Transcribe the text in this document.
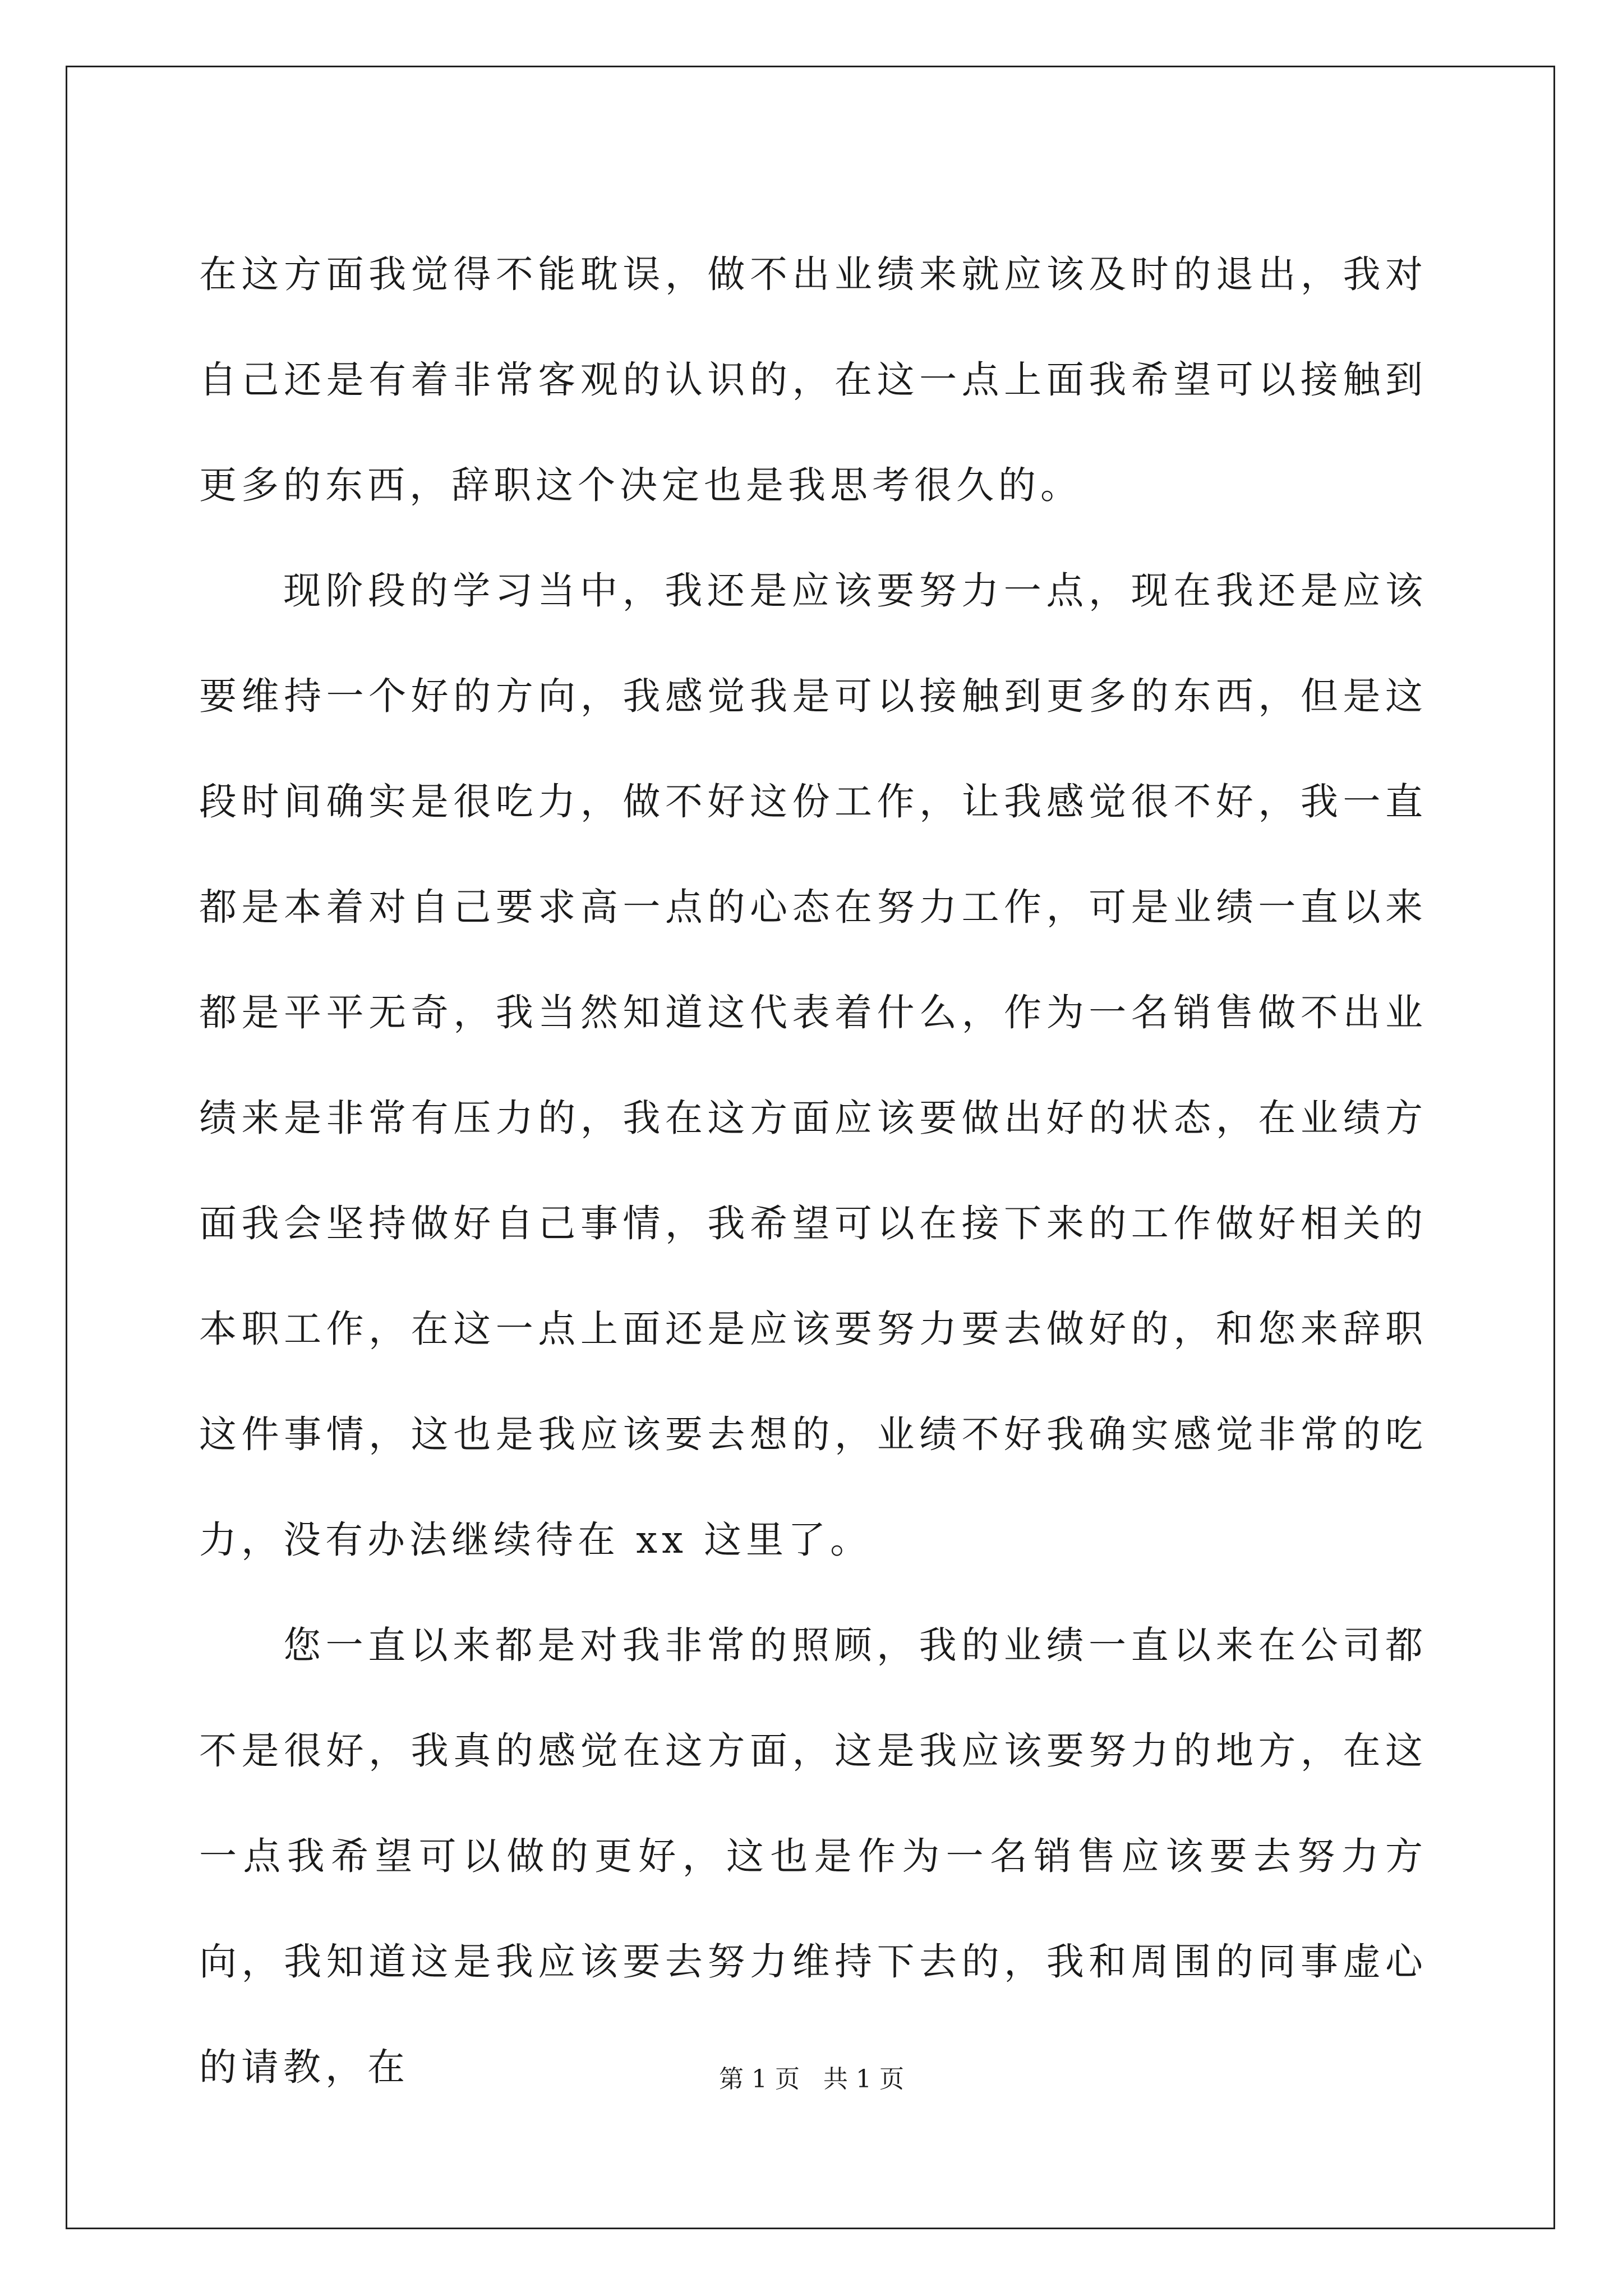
在这方面我觉得不能耽误，做不出业绩来就应该及时的退出，我对自己还是有着非常客观的认识的，在这一点上面我希望可以接触到更多的东西，辞职这个决定也是我思考很久的。

现阶段的学习当中，我还是应该要努力一点，现在我还是应该要维持一个好的方向，我感觉我是可以接触到更多的东西，但是这段时间确实是很吃力，做不好这份工作，让我感觉很不好，我一直都是本着对自己要求高一点的心态在努力工作，可是业绩一直以来都是平平无奇，我当然知道这代表着什么，作为一名销售做不出业绩来是非常有压力的，我在这方面应该要做出好的状态，在业绩方面我会坚持做好自己事情，我希望可以在接下来的工作做好相关的本职工作，在这一点上面还是应该要努力要去做好的，和您来辞职这件事情，这也是我应该要去想的，业绩不好我确实感觉非常的吃力，没有办法继续待在 xx 这里了。

您一直以来都是对我非常的照顾，我的业绩一直以来在公司都不是很好，我真的感觉在这方面，这是我应该要努力的地方，在这一点我希望可以做的更好，这也是作为一名销售应该要去努力方向，我知道这是我应该要去努力维持下去的，我和周围的同事虚心的请教，在	第 1 页   共 1 页
